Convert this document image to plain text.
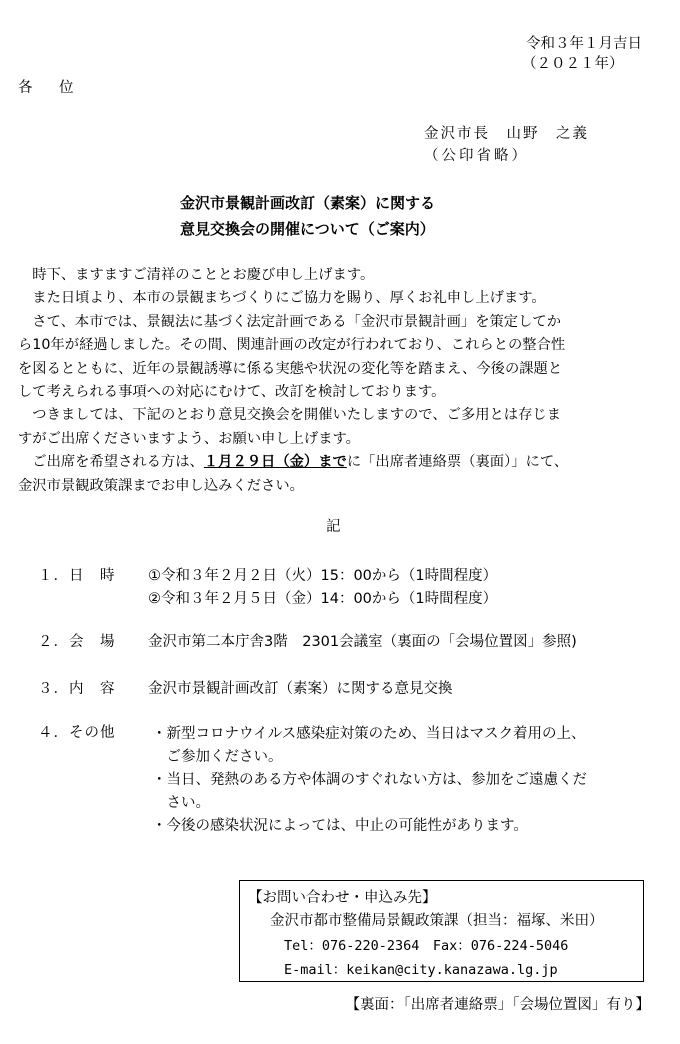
令和３年１月吉日
（２０２１年）
各　位
金沢市長　山野　之義
（公印省略）
金沢市景観計画改訂（素案）に関する
意見交換会の開催について（ご案内）
　時下、ますますご清祥のこととお慶び申し上げます。
　また日頃より、本市の景観まちづくりにご協力を賜り、厚くお礼申し上げます。
　さて、本市では、景観法に基づく法定計画である「金沢市景観計画」を策定してか
ら10年が経過しました。その間、関連計画の改定が行われており、これらとの整合性
を図るとともに、近年の景観誘導に係る実態や状況の変化等を踏まえ、今後の課題と
して考えられる事項への対応にむけて、改訂を検討しております。
　つきましては、下記のとおり意見交換会を開催いたしますので、ご多用とは存じま
すがご出席くださいますよう、お願い申し上げます。
　ご出席を希望される方は、１月２９日（金）までに「出席者連絡票（裏面）」にて、
金沢市景観政策課までお申し込みください。
記
１．日　時 ①令和３年２月２日（火）15：00から（1時間程度）
②令和３年２月５日（金）14：00から（1時間程度）
２．会　場 金沢市第二本庁舎3階　2301会議室（裏面の「会場位置図」参照)
３．内　容 金沢市景観計画改訂（素案）に関する意見交換
４．その他	・新型コロナウイルス感染症対策のため、当日はマスク着用の上、
　ご参加ください。
・当日、発熱のある方や体調のすぐれない方は、参加をご遠慮くだ
　さい。
・今後の感染状況によっては、中止の可能性があります。
【お問い合わせ・申込み先】
金沢市都市整備局景観政策課（担当：福塚、米田）
Tel：076-220-2364　Fax：076-224-5046
E-mail：keikan@city.kanazawa.lg.jp
【裏面：「出席者連絡票」「会場位置図」有り】
